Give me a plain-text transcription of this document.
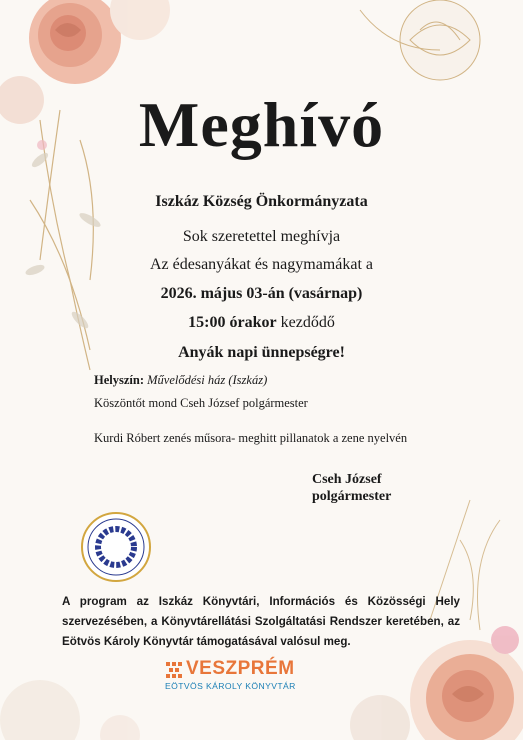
Meghívó
Iszkáz Község Önkormányzata
Sok szeretettel meghívja
Az édesanyákat és nagymamákat a
2026. május 03-án (vasárnap)
15:00 órakor kezdődő
Anyák napi ünnepségre!
Helyszín: Művelődési ház (Iszkáz)
Köszöntőt mond Cseh József polgármester
Kurdi Róbert zenés műsora- meghitt pillanatok a zene nyelvén
Cseh József
polgármester
A program az Iszkáz Könyvtári, Információs és Közösségi Hely szervezésében, a Könyvtárellátási Szolgáltatási Rendszer keretében, az Eötvös Károly Könyvtár támogatásával valósul meg.
VESZPRÉM
EÖTVÖS KÁROLY KÖNYVTÁR
